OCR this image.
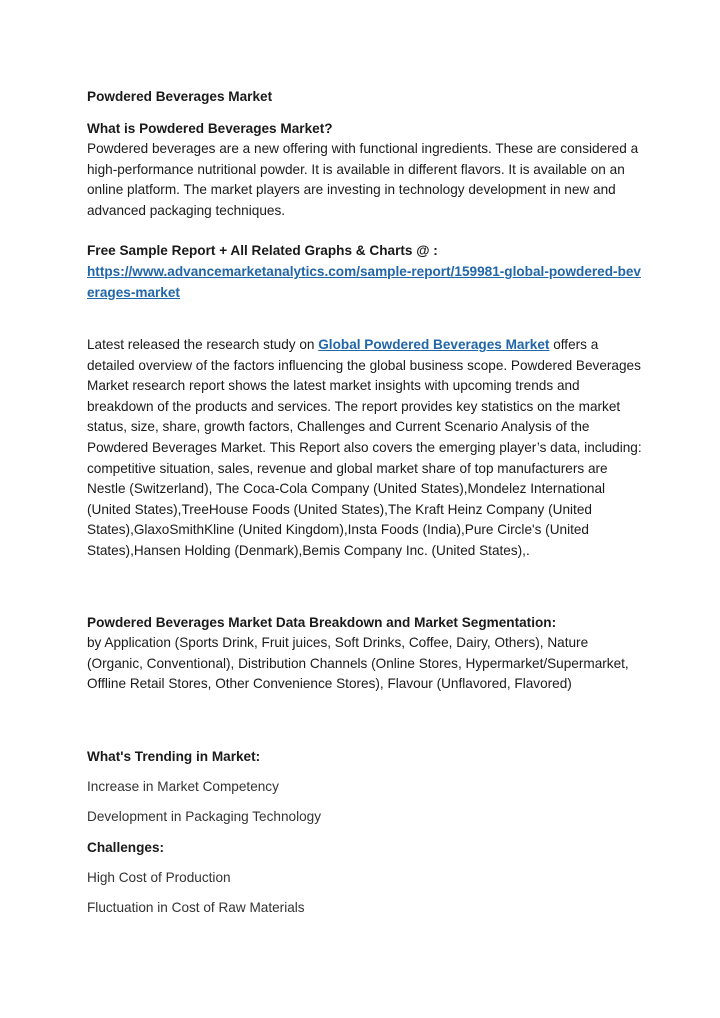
Powdered Beverages Market

What is Powdered Beverages Market?

Powdered beverages are a new offering with functional ingredients. These are considered a high-performance nutritional powder. It is available in different flavors. It is available on an online platform. The market players are investing in technology development in new and advanced packaging techniques.

Free Sample Report + All Related Graphs & Charts @ :

https://www.advancemarketanalytics.com/sample-report/159981-global-powdered-beverages-market

Latest released the research study on Global Powdered Beverages Market offers a detailed overview of the factors influencing the global business scope. Powdered Beverages Market research report shows the latest market insights with upcoming trends and breakdown of the products and services. The report provides key statistics on the market status, size, share, growth factors, Challenges and Current Scenario Analysis of the Powdered Beverages Market. This Report also covers the emerging player’s data, including: competitive situation, sales, revenue and global market share of top manufacturers are Nestle (Switzerland), The Coca-Cola Company (United States),Mondelez International (United States),TreeHouse Foods (United States),The Kraft Heinz Company (United States),GlaxoSmithKline (United Kingdom),Insta Foods (India),Pure Circle's (United States),Hansen Holding (Denmark),Bemis Company Inc. (United States),.

Powdered Beverages Market Data Breakdown and Market Segmentation:

by Application (Sports Drink, Fruit juices, Soft Drinks, Coffee, Dairy, Others), Nature (Organic, Conventional), Distribution Channels (Online Stores, Hypermarket/Supermarket, Offline Retail Stores, Other Convenience Stores), Flavour (Unflavored, Flavored)

What's Trending in Market:

Increase in Market Competency

Development in Packaging Technology

Challenges:

High Cost of Production

Fluctuation in Cost of Raw Materials
